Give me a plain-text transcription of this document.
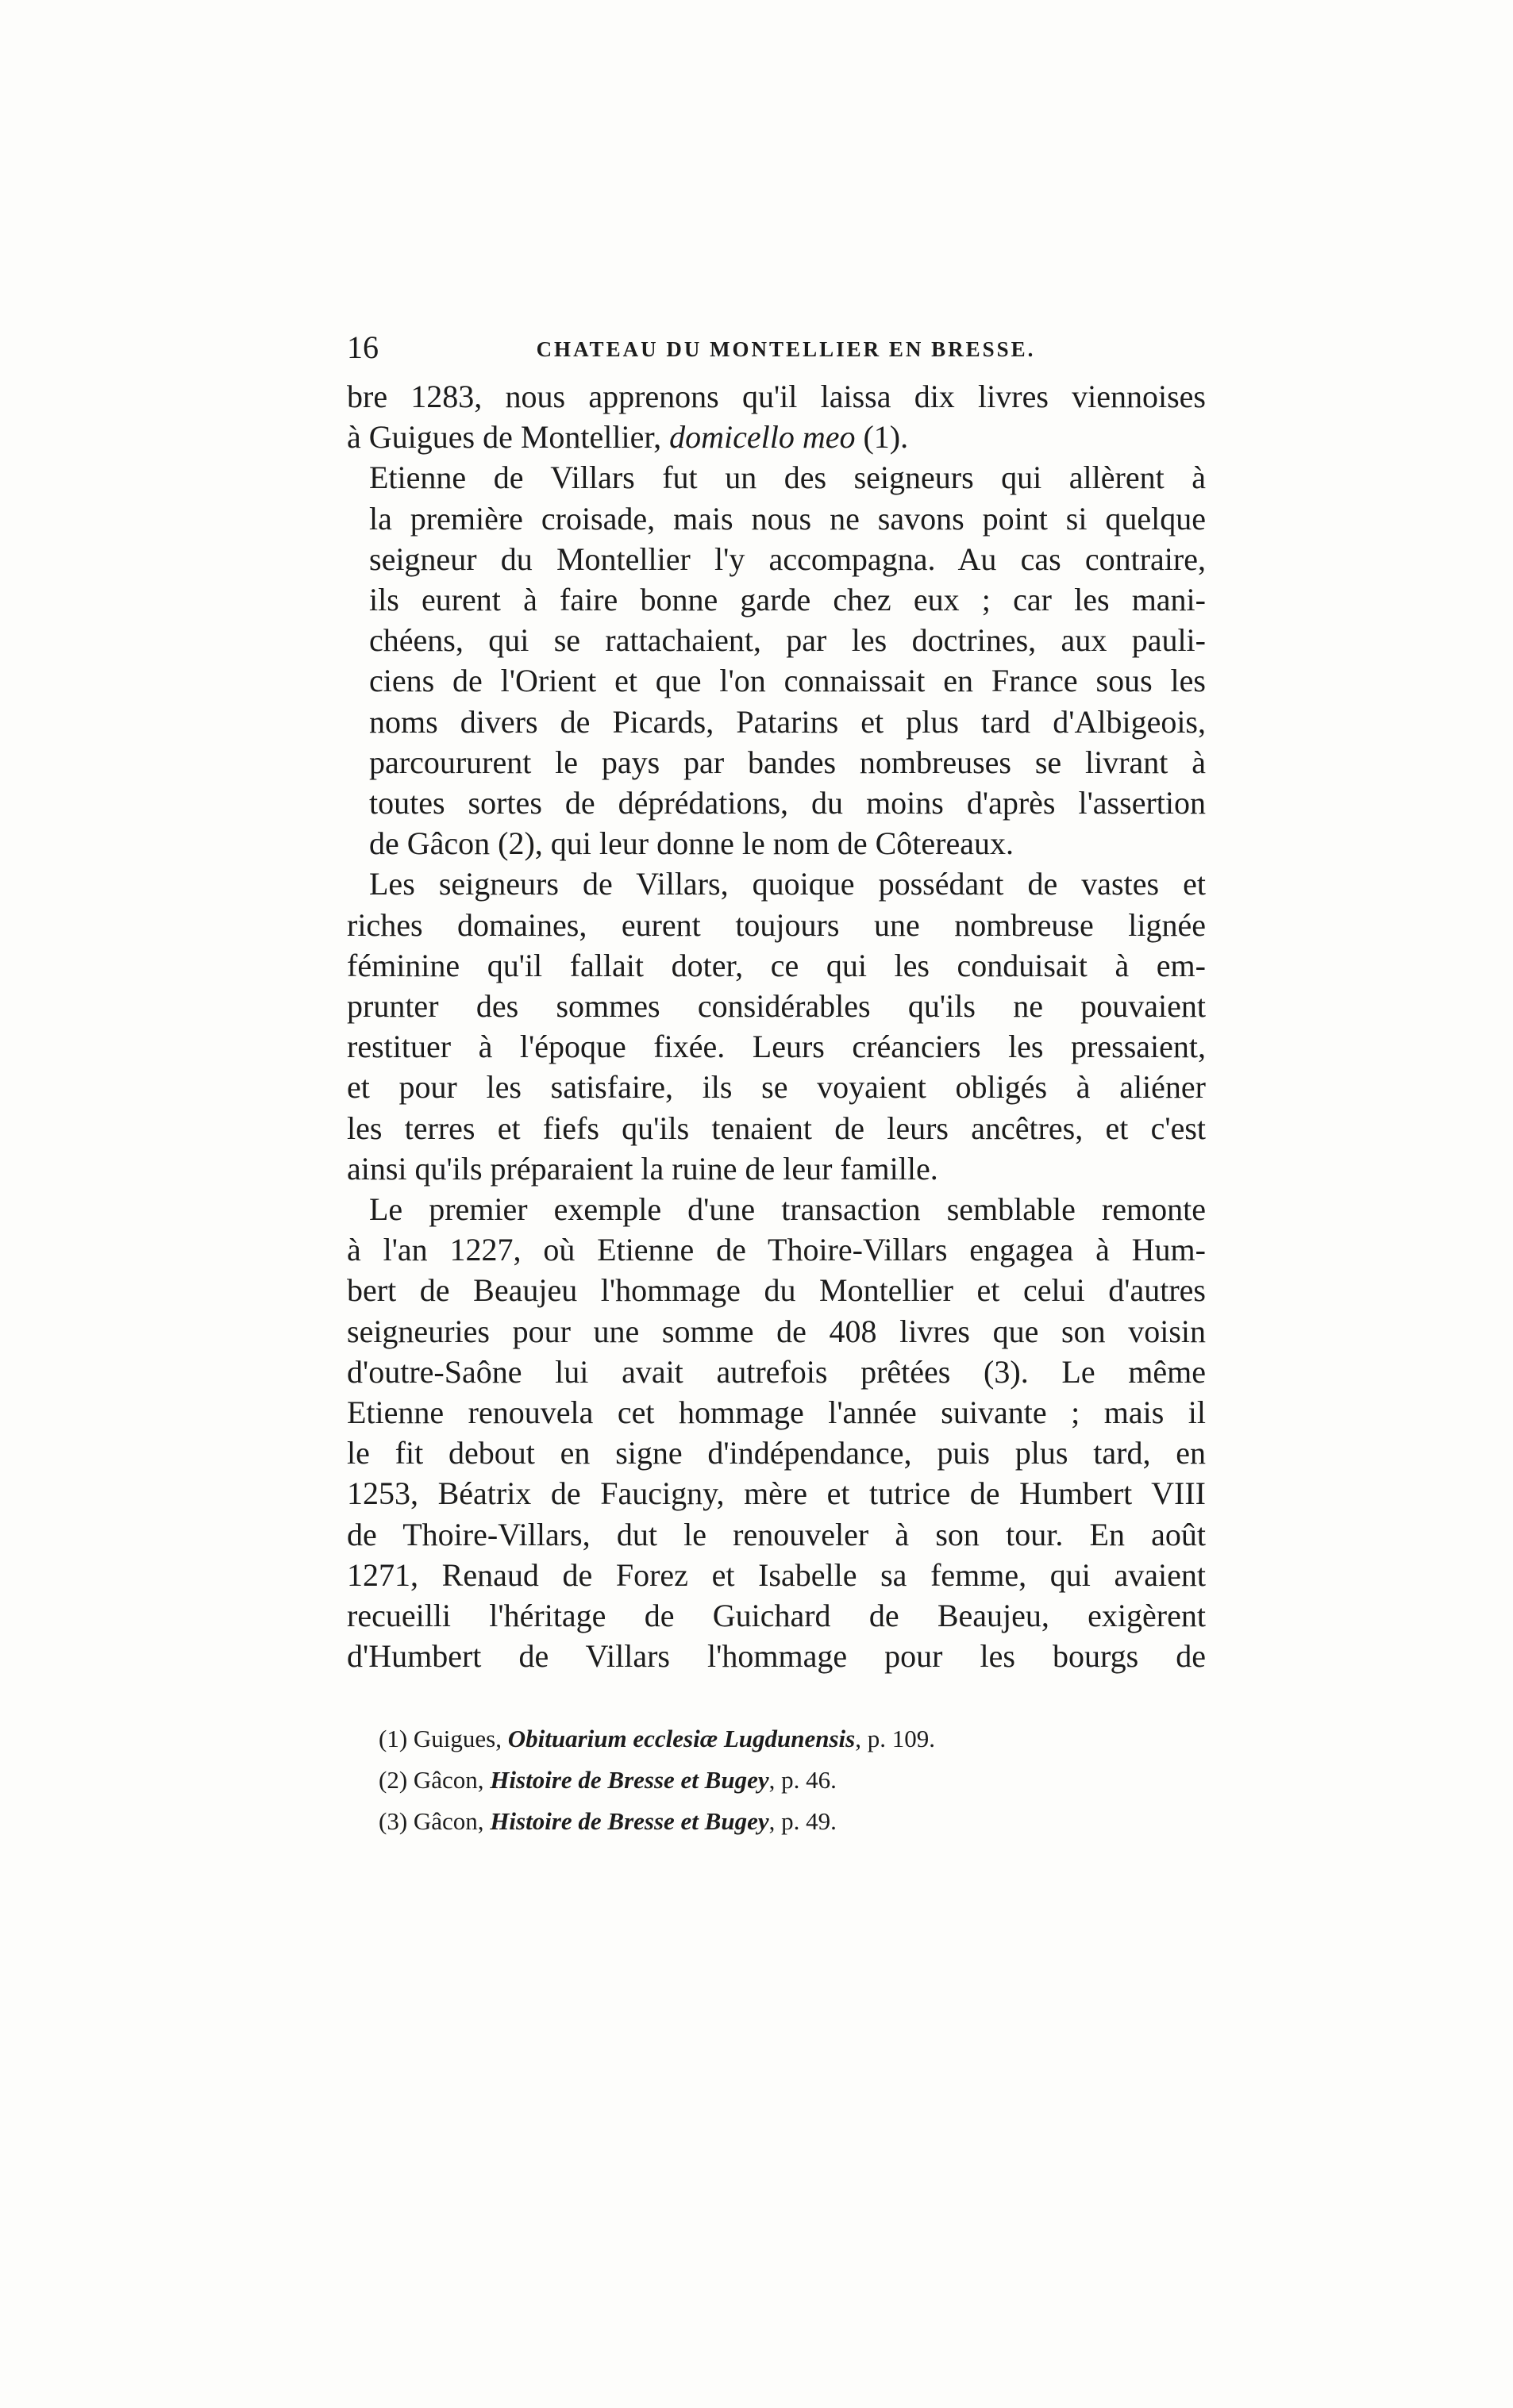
16	CHATEAU DU MONTELLIER EN BRESSE.

bre 1283, nous apprenons qu'il laissa dix livres viennoises
à Guigues de Montellier, domicello meo (1).

Etienne de Villars fut un des seigneurs qui allèrent à
la première croisade, mais nous ne savons point si quelque
seigneur du Montellier l'y accompagna. Au cas contraire,
ils eurent à faire bonne garde chez eux ; car les mani-
chéens, qui se rattachaient, par les doctrines, aux pauli-
ciens de l'Orient et que l'on connaissait en France sous les
noms divers de Picards, Patarins et plus tard d'Albigeois,
parcoururent le pays par bandes nombreuses se livrant à
toutes sortes de déprédations, du moins d'après l'assertion
de Gâcon (2), qui leur donne le nom de Côtereaux.

Les seigneurs de Villars, quoique possédant de vastes et
riches domaines, eurent toujours une nombreuse lignée
féminine qu'il fallait doter, ce qui les conduisait à em-
prunter des sommes considérables qu'ils ne pouvaient
restituer à l'époque fixée. Leurs créanciers les pressaient,
et pour les satisfaire, ils se voyaient obligés à aliéner
les terres et fiefs qu'ils tenaient de leurs ancêtres, et c'est
ainsi qu'ils préparaient la ruine de leur famille.

Le premier exemple d'une transaction semblable remonte
à l'an 1227, où Etienne de Thoire-Villars engagea à Hum-
bert de Beaujeu l'hommage du Montellier et celui d'autres
seigneuries pour une somme de 408 livres que son voisin
d'outre-Saône lui avait autrefois prêtées (3). Le même
Etienne renouvela cet hommage l'année suivante ; mais il
le fit debout en signe d'indépendance, puis plus tard, en
1253, Béatrix de Faucigny, mère et tutrice de Humbert VIII
de Thoire-Villars, dut le renouveler à son tour. En août
1271, Renaud de Forez et Isabelle sa femme, qui avaient
recueilli l'héritage de Guichard de Beaujeu, exigèrent
d'Humbert de Villars l'hommage pour les bourgs de

(1) Guigues, Obituarium ecclesiæ Lugdunensis, p. 109.
(2) Gâcon, Histoire de Bresse et Bugey, p. 46.
(3) Gâcon, Histoire de Bresse et Bugey, p. 49.
